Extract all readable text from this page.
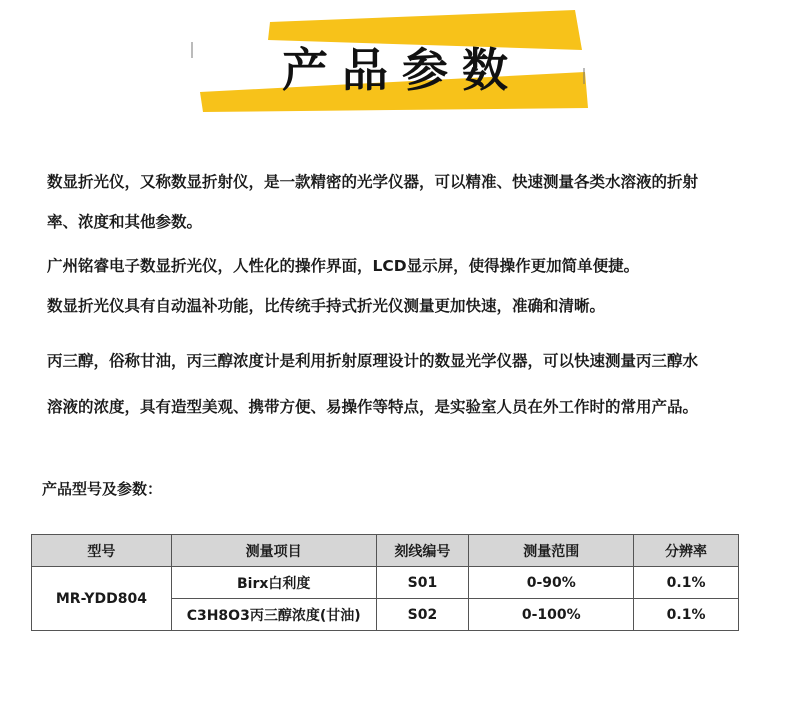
产品参数

数显折光仪，又称数显折射仪，是一款精密的光学仪器，可以精准、快速测量各类水溶液的折射

率、浓度和其他参数。

广州铭睿电子数显折光仪，人性化的操作界面，LCD显示屏，使得操作更加简单便捷。

数显折光仪具有自动温补功能，比传统手持式折光仪测量更加快速，准确和清晰。

丙三醇，俗称甘油，丙三醇浓度计是利用折射原理设计的数显光学仪器，可以快速测量丙三醇水

溶液的浓度，具有造型美观、携带方便、易操作等特点，是实验室人员在外工作时的常用产品。

产品型号及参数：
型号	测量项目	刻线编号	测量范围	分辨率
MR-YDD804	Birx白利度	S01	0-90%	0.1%
	C3H8O3丙三醇浓度(甘油)	S02	0-100%	0.1%
